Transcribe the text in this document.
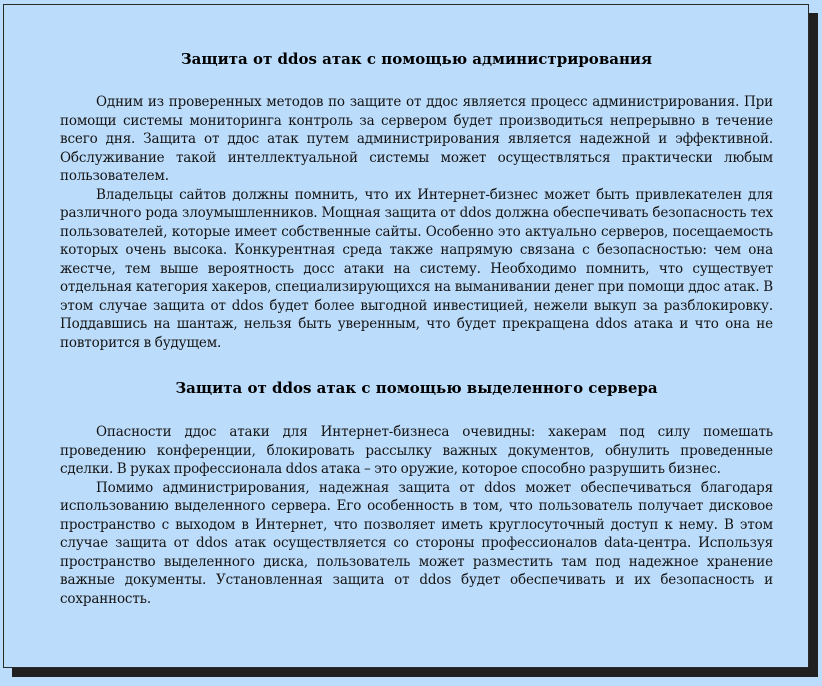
Защита от ddos атак с помощью администрирования

Одним из проверенных методов по защите от ддос является процесс администрирования. При помощи системы мониторинга контроль за сервером будет производиться непрерывно в течение всего дня. Защита от ддос атак путем администрирования является надежной и эффективной. Обслуживание такой интеллектуальной системы может осуществляться практически любым пользователем.

Владельцы сайтов должны помнить, что их Интернет-бизнес может быть привлекателен для различного рода злоумышленников. Мощная защита от ddos должна обеспечивать безопасность тех пользователей, которые имеет собственные сайты. Особенно это актуально серверов, посещаемость которых очень высока. Конкурентная среда также напрямую связана с безопасностью: чем она жестче, тем выше вероятность досс атаки на систему. Необходимо помнить, что существует отдельная категория хакеров, специализирующихся на выманивании денег при помощи ддос атак. В этом случае защита от ddos будет более выгодной инвестицией, нежели выкуп за разблокировку. Поддавшись на шантаж, нельзя быть уверенным, что будет прекращена ddos атака и что она не повторится в будущем.

Защита от ddos атак с помощью выделенного сервера

Опасности ддос атаки для Интернет-бизнеса очевидны: хакерам под силу помешать проведению конференции, блокировать рассылку важных документов, обнулить проведенные сделки. В руках профессионала ddos атака – это оружие, которое способно разрушить бизнес.

Помимо администрирования, надежная защита от ddos может обеспечиваться благодаря использованию выделенного сервера. Его особенность в том, что пользователь получает дисковое пространство с выходом в Интернет, что позволяет иметь круглосуточный доступ к нему. В этом случае защита от ddos атак осуществляется со стороны профессионалов data-центра. Используя пространство выделенного диска, пользователь может разместить там под надежное хранение важные документы. Установленная защита от ddos будет обеспечивать и их безопасность и сохранность.
